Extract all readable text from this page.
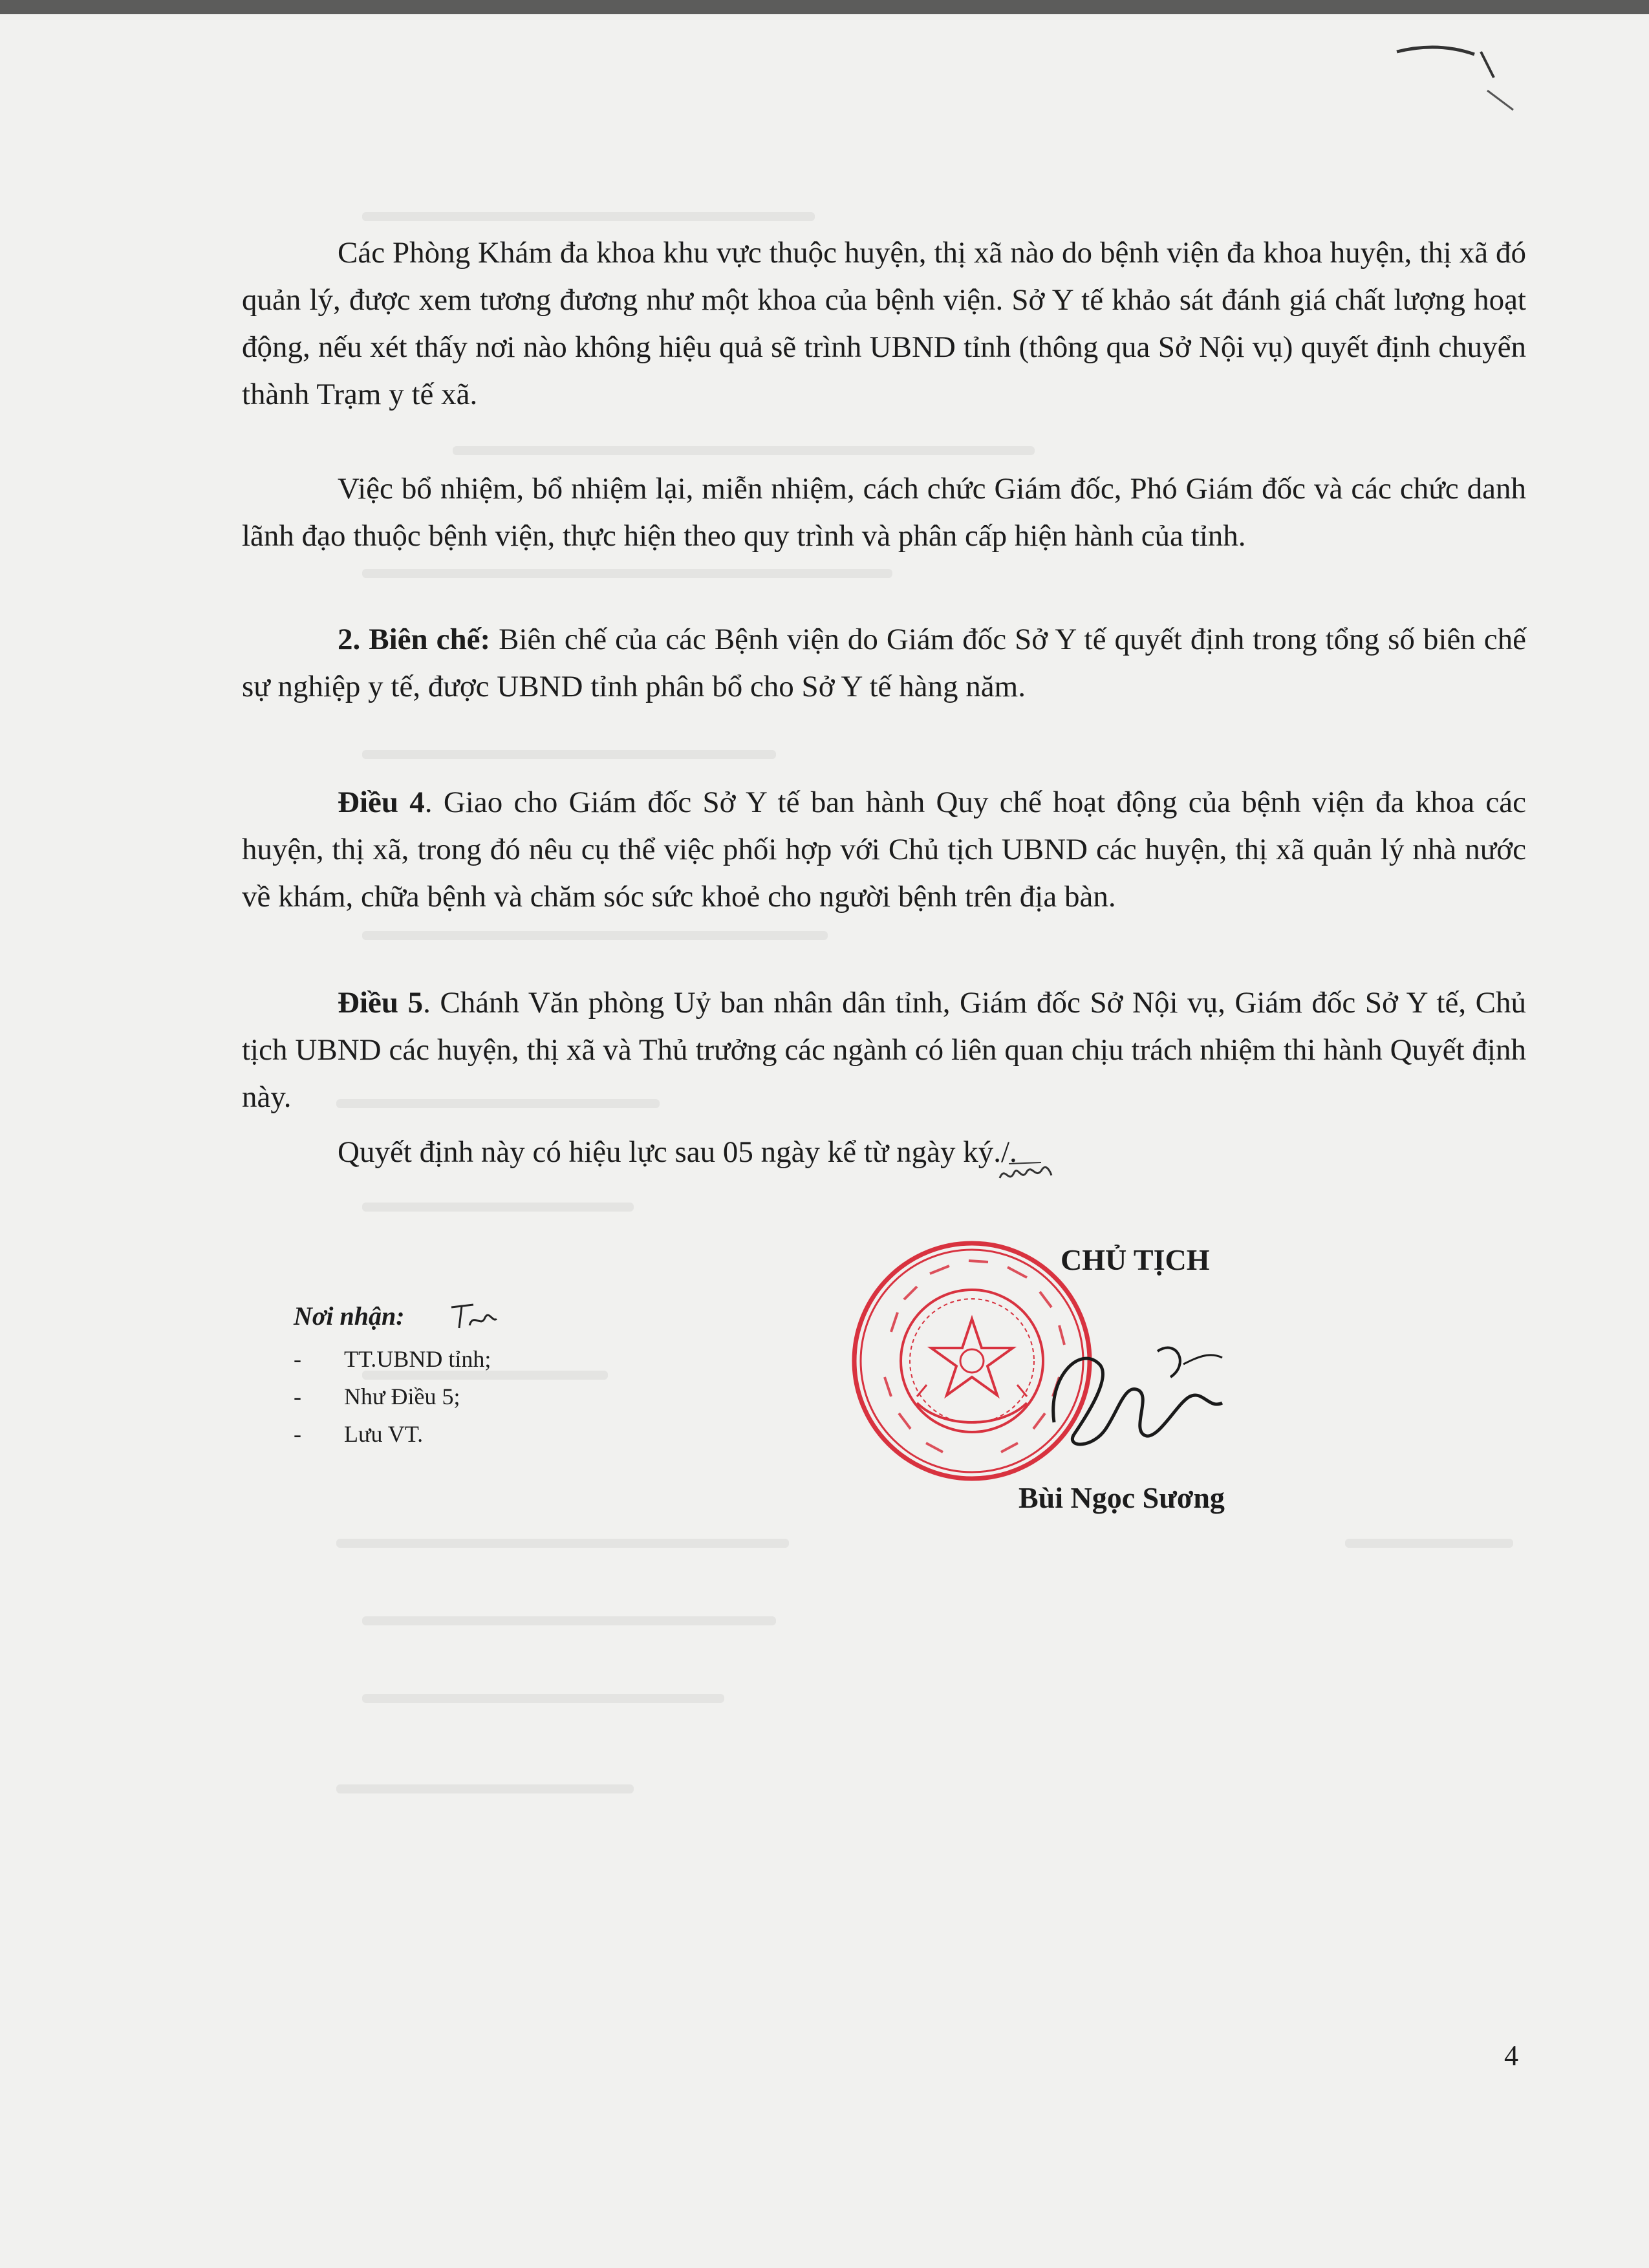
Các Phòng Khám đa khoa khu vực thuộc huyện, thị xã nào do bệnh viện đa khoa huyện, thị xã đó quản lý, được xem tương đương như một khoa của bệnh viện. Sở Y tế khảo sát đánh giá chất lượng hoạt động, nếu xét thấy nơi nào không hiệu quả sẽ trình UBND tỉnh (thông qua Sở Nội vụ) quyết định chuyển thành Trạm y tế xã.

Việc bổ nhiệm, bổ nhiệm lại, miễn nhiệm, cách chức Giám đốc, Phó Giám đốc và các chức danh lãnh đạo thuộc bệnh viện, thực hiện theo quy trình và phân cấp hiện hành của tỉnh.

2. Biên chế: Biên chế của các Bệnh viện do Giám đốc Sở Y tế quyết định trong tổng số biên chế sự nghiệp y tế, được UBND tỉnh phân bổ cho Sở Y tế hàng năm.

Điều 4. Giao cho Giám đốc Sở Y tế ban hành Quy chế hoạt động của bệnh viện đa khoa các huyện, thị xã, trong đó nêu cụ thể việc phối hợp với Chủ tịch UBND các huyện, thị xã quản lý nhà nước về khám, chữa bệnh và chăm sóc sức khoẻ cho người bệnh trên địa bàn.

Điều 5. Chánh Văn phòng Uỷ ban nhân dân tỉnh, Giám đốc Sở Nội vụ, Giám đốc Sở Y tế, Chủ tịch UBND các huyện, thị xã và Thủ trưởng các ngành có liên quan chịu trách nhiệm thi hành Quyết định này.

Quyết định này có hiệu lực sau 05 ngày kể từ ngày ký./.

Nơi nhận:
-	TT.UBND tỉnh;
-	Như Điều 5;
-	Lưu VT.
CHỦ TỊCH
Bùi Ngọc Sương
4
